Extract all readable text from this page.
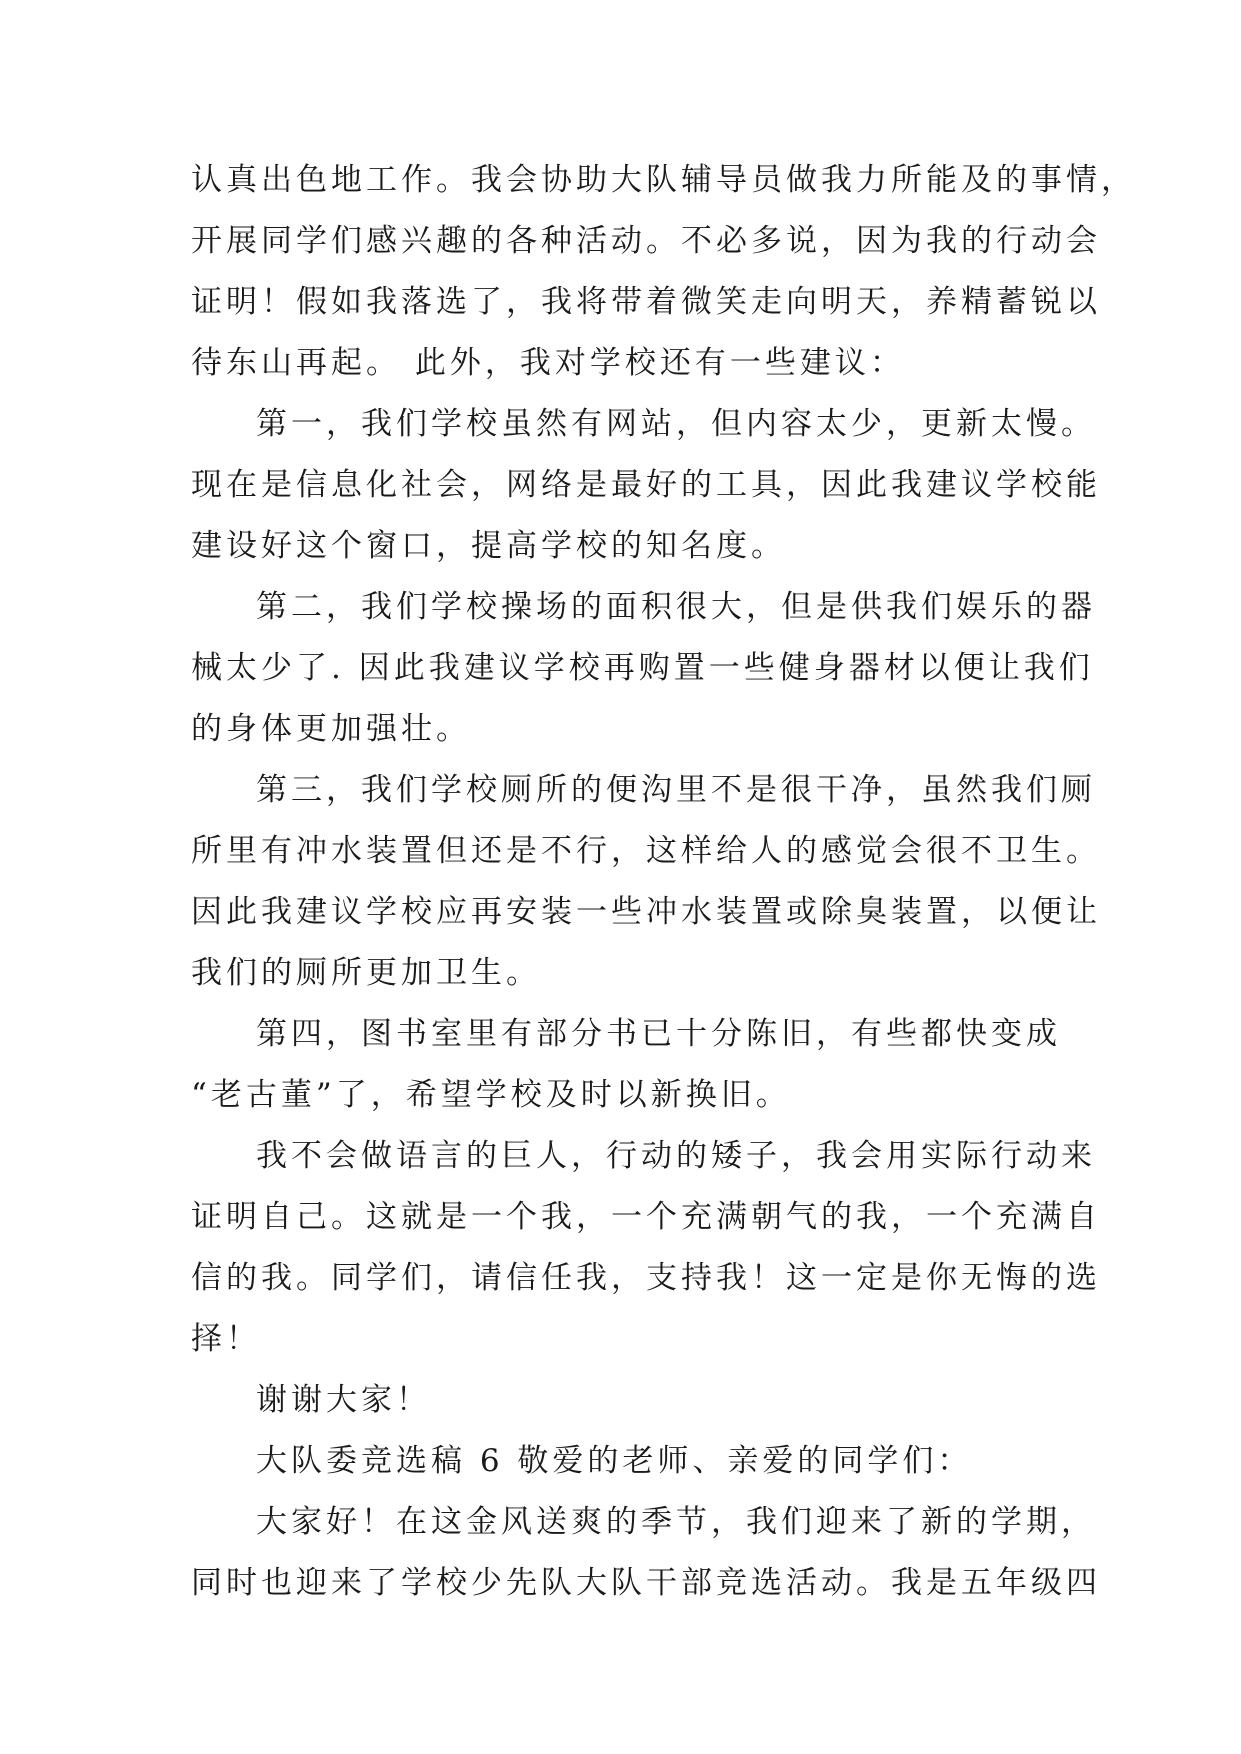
认真出色地工作。我会协助大队辅导员做我力所能及的事情，
开展同学们感兴趣的各种活动。不必多说，因为我的行动会
证明！假如我落选了，我将带着微笑走向明天，养精蓄锐以
待东山再起。 此外，我对学校还有一些建议：
第一，我们学校虽然有网站，但内容太少，更新太慢。
现在是信息化社会，网络是最好的工具，因此我建议学校能
建设好这个窗口，提高学校的知名度。
第二，我们学校操场的面积很大，但是供我们娱乐的器
械太少了. 因此我建议学校再购置一些健身器材以便让我们
的身体更加强壮。
第三，我们学校厕所的便沟里不是很干净，虽然我们厕
所里有冲水装置但还是不行，这样给人的感觉会很不卫生。
因此我建议学校应再安装一些冲水装置或除臭装置，以便让
我们的厕所更加卫生。
第四，图书室里有部分书已十分陈旧，有些都快变成
“老古董”了，希望学校及时以新换旧。
我不会做语言的巨人，行动的矮子，我会用实际行动来
证明自己。这就是一个我，一个充满朝气的我，一个充满自
信的我。同学们，请信任我，支持我！这一定是你无悔的选
择！
谢谢大家！
大队委竞选稿 6 敬爱的老师、亲爱的同学们：
大家好！在这金风送爽的季节，我们迎来了新的学期，
同时也迎来了学校少先队大队干部竞选活动。我是五年级四
